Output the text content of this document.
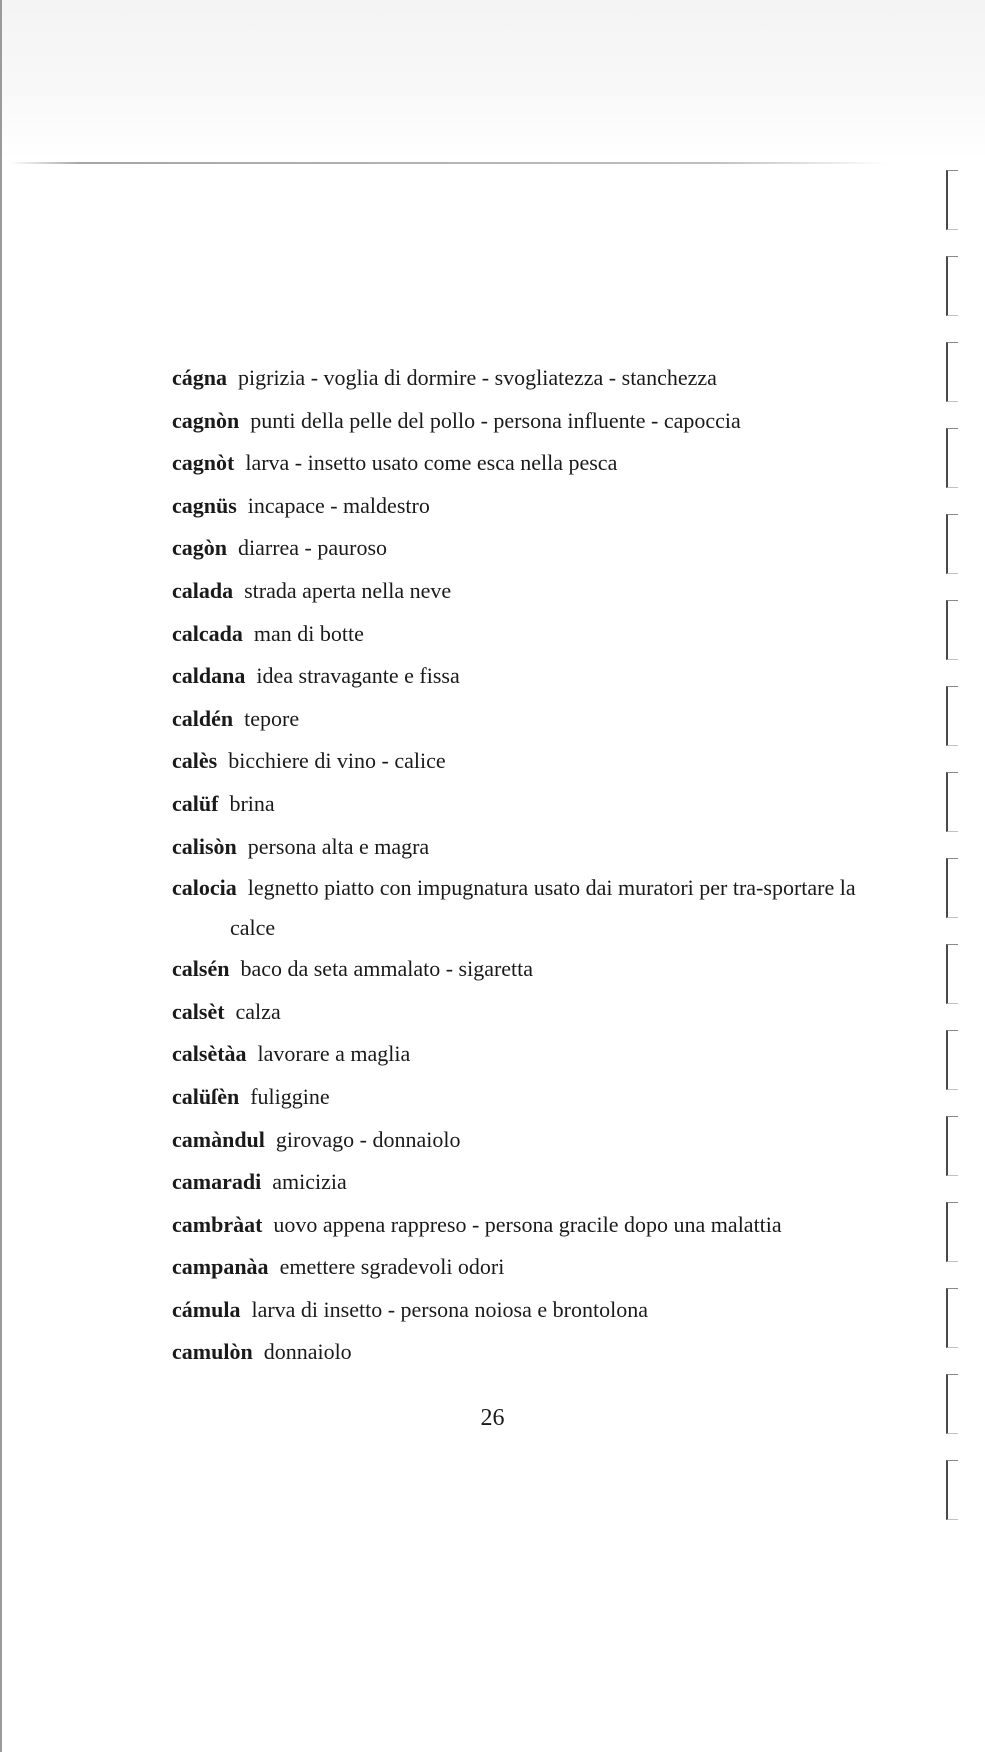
cágna pigrizia - voglia di dormire - svogliatezza - stanchezza
cagnòn punti della pelle del pollo - persona influente - capoccia
cagnòt larva - insetto usato come esca nella pesca
cagnüs incapace - maldestro
cagòn diarrea - pauroso
calada strada aperta nella neve
calcada man di botte
caldana idea stravagante e fissa
caldén tepore
calès bicchiere di vino - calice
calüf brina
calisòn persona alta e magra
calocia legnetto piatto con impugnatura usato dai muratori per tra-sportare la calce
calsén baco da seta ammalato - sigaretta
calsèt calza
calsètàa lavorare a maglia
calüſèn fuliggine
camàndul girovago - donnaiolo
camaradi amicizia
cambràat uovo appena rappreso - persona gracile dopo una malattia
campanàa emettere sgradevoli odori
cámula larva di insetto - persona noiosa e brontolona
camulòn donnaiolo
26
